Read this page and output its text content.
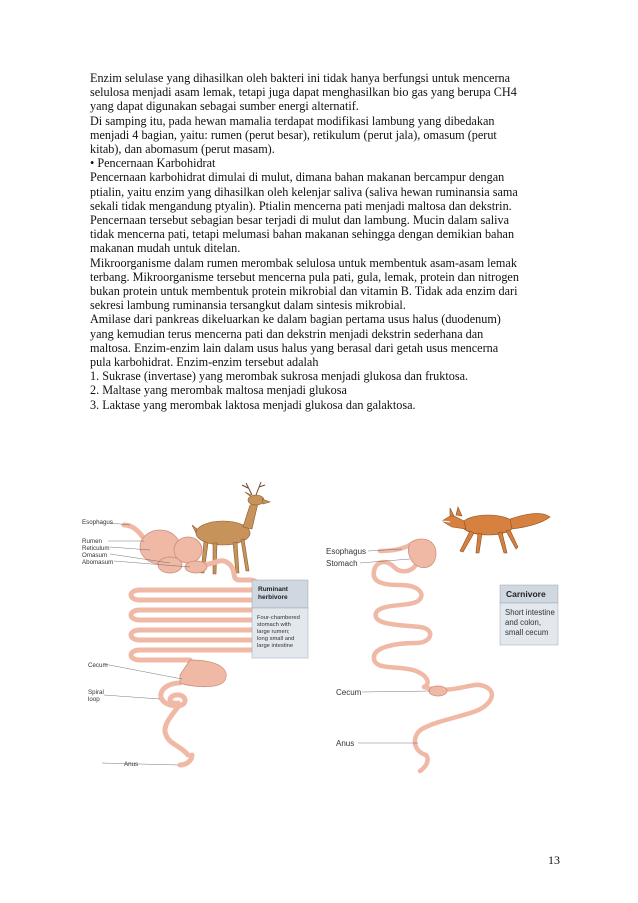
Enzim selulase yang dihasilkan oleh bakteri ini tidak hanya berfungsi untuk mencerna

selulosa menjadi asam lemak, tetapi juga dapat menghasilkan bio gas yang berupa CH4

yang dapat digunakan sebagai sumber energi alternatif.

Di samping itu, pada hewan mamalia terdapat modifikasi lambung yang dibedakan

menjadi 4 bagian, yaitu: rumen (perut besar), retikulum (perut jala), omasum (perut

kitab), dan abomasum (perut masam).

• Pencernaan Karbohidrat

Pencernaan karbohidrat dimulai di mulut, dimana bahan makanan bercampur dengan

ptialin, yaitu enzim yang dihasilkan oleh kelenjar saliva (saliva hewan ruminansia sama

sekali tidak mengandung ptyalin). Ptialin mencerna pati menjadi maltosa dan dekstrin.

Pencernaan tersebut sebagian besar terjadi di mulut dan lambung. Mucin dalam saliva

tidak mencerna pati, tetapi melumasi bahan makanan sehingga dengan demikian bahan

makanan mudah untuk ditelan.

Mikroorganisme dalam rumen merombak selulosa untuk membentuk asam-asam lemak

terbang. Mikroorganisme tersebut mencerna pula pati, gula, lemak, protein dan nitrogen

bukan protein untuk membentuk protein mikrobial dan vitamin B. Tidak ada enzim dari

sekresi lambung ruminansia tersangkut dalam sintesis mikrobial.

Amilase dari pankreas dikeluarkan ke dalam bagian pertama usus halus (duodenum)

yang kemudian terus mencerna pati dan dekstrin menjadi dekstrin sederhana dan

maltosa. Enzim-enzim lain dalam usus halus yang berasal dari getah usus mencerna

pula karbohidrat. Enzim-enzim tersebut adalah

1. Sukrase (invertase) yang merombak sukrosa menjadi glukosa dan fruktosa.

2. Maltase yang merombak maltosa menjadi glukosa

3. Laktase yang merombak laktosa menjadi glukosa dan galaktosa.

Esophagus
Rumen
Reticulum
Omasum
Abomasum
Cecum
Spiral
loop
Anus
Ruminant
herbivore
Four-chambered
stomach with
large rumen;
long small and
large intestine
Esophagus
Stomach
Cecum
Anus
Carnivore
Short intestine
and colon,
small cecum
13
